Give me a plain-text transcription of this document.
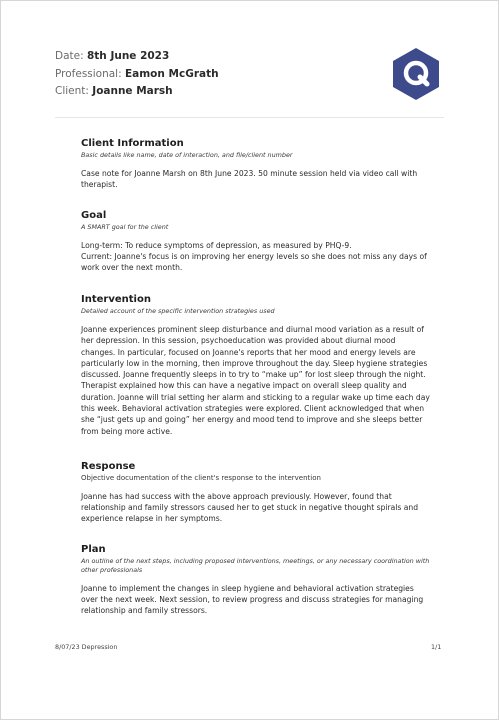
Date: 8th June 2023
Professional: Eamon McGrath
Client: Joanne Marsh
Client Information
Basic details like name, date of interaction, and file/client number
Case note for Joanne Marsh on 8th June 2023. 50 minute session held via video call with therapist.
Goal
A SMART goal for the client
Long-term: To reduce symptoms of depression, as measured by PHQ-9.
Current: Joanne's focus is on improving her energy levels so she does not miss any days of work over the next month.
Intervention
Detailed account of the specific intervention strategies used
Joanne experiences prominent sleep disturbance and diurnal mood variation as a result of her depression. In this session, psychoeducation was provided about diurnal mood changes. In particular, focused on Joanne's reports that her mood and energy levels are particularly low in the morning, then improve throughout the day. Sleep hygiene strategies discussed. Joanne frequently sleeps in to try to “make up” for lost sleep through the night. Therapist explained how this can have a negative impact on overall sleep quality and duration. Joanne will trial setting her alarm and sticking to a regular wake up time each day this week. Behavioral activation strategies were explored. Client acknowledged that when she “just gets up and going” her energy and mood tend to improve and she sleeps better from being more active.
Response
Objective documentation of the client's response to the intervention
Joanne has had success with the above approach previously. However, found that relationship and family stressors caused her to get stuck in negative thought spirals and experience relapse in her symptoms.
Plan
An outline of the next steps, including proposed interventions, meetings, or any necessary coordination with other professionals
Joanne to implement the changes in sleep hygiene and behavioral activation strategies over the next week. Next session, to review progress and discuss strategies for managing relationship and family stressors.
8/07/23 Depression	1/1
